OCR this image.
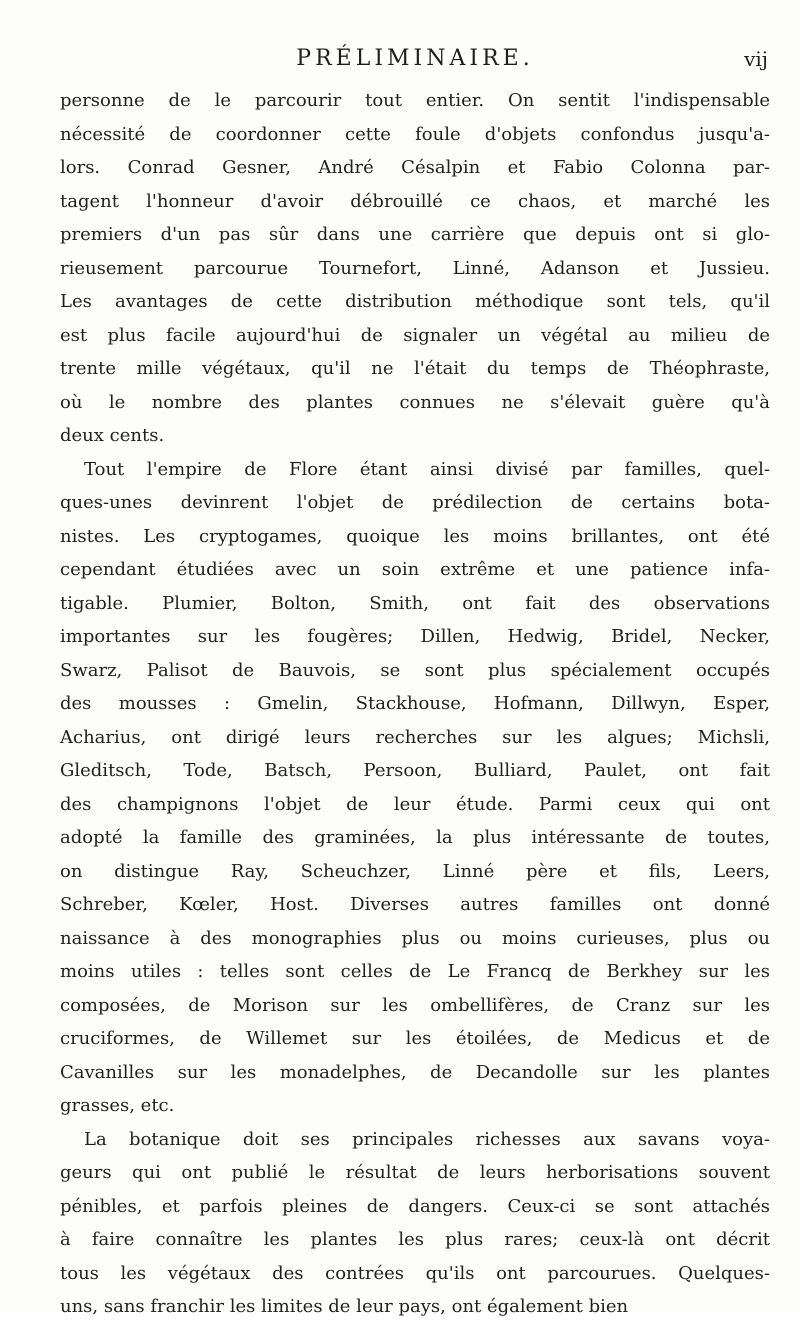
PRÉLIMINAIRE.	vij
personne de le parcourir tout entier. On sentit l'indispensable
nécessité de coordonner cette foule d'objets confondus jusqu'a-
lors. Conrad Gesner, André Césalpin et Fabio Colonna par-
tagent l'honneur d'avoir débrouillé ce chaos, et marché les
premiers d'un pas sûr dans une carrière que depuis ont si glo-
rieusement parcourue Tournefort, Linné, Adanson et Jussieu.
Les avantages de cette distribution méthodique sont tels, qu'il
est plus facile aujourd'hui de signaler un végétal au milieu de
trente mille végétaux, qu'il ne l'était du temps de Théophraste,
où le nombre des plantes connues ne s'élevait guère qu'à
deux cents.
Tout l'empire de Flore étant ainsi divisé par familles, quel-
ques-unes devinrent l'objet de prédilection de certains bota-
nistes. Les cryptogames, quoique les moins brillantes, ont été
cependant étudiées avec un soin extrême et une patience infa-
tigable. Plumier, Bolton, Smith, ont fait des observations
importantes sur les fougères; Dillen, Hedwig, Bridel, Necker,
Swarz, Palisot de Bauvois, se sont plus spécialement occupés
des mousses : Gmelin, Stackhouse, Hofmann, Dillwyn, Esper,
Acharius, ont dirigé leurs recherches sur les algues; Michsli,
Gleditsch, Tode, Batsch, Persoon, Bulliard, Paulet, ont fait
des champignons l'objet de leur étude. Parmi ceux qui ont
adopté la famille des graminées, la plus intéressante de toutes,
on distingue Ray, Scheuchzer, Linné père et fils, Leers,
Schreber, Kœler, Host. Diverses autres familles ont donné
naissance à des monographies plus ou moins curieuses, plus ou
moins utiles : telles sont celles de Le Francq de Berkhey sur les
composées, de Morison sur les ombellifères, de Cranz sur les
cruciformes, de Willemet sur les étoilées, de Medicus et de
Cavanilles sur les monadelphes, de Decandolle sur les plantes
grasses, etc.
La botanique doit ses principales richesses aux savans voya-
geurs qui ont publié le résultat de leurs herborisations souvent
pénibles, et parfois pleines de dangers. Ceux-ci se sont attachés
à faire connaître les plantes les plus rares; ceux-là ont décrit
tous les végétaux des contrées qu'ils ont parcourues. Quelques-
uns, sans franchir les limites de leur pays, ont également bien
